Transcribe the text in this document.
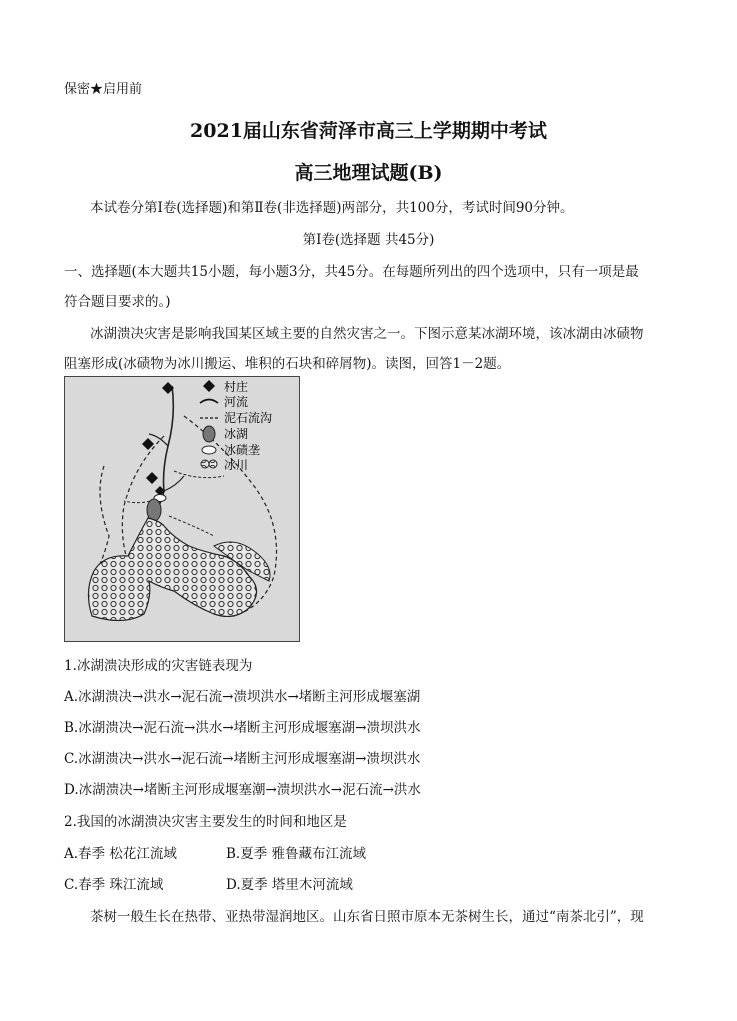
保密★启用前
2021届山东省菏泽市高三上学期期中考试
高三地理试题(B)
本试卷分第Ⅰ卷(选择题)和第Ⅱ卷(非选择题)两部分，共100分，考试时间90分钟。
第Ⅰ卷(选择题 共45分)
一、选择题(本大题共15小题，每小题3分，共45分。在每题所列出的四个选项中，只有一项是最
符合题目要求的。)
冰湖溃决灾害是影响我国某区域主要的自然灾害之一。下图示意某冰湖环境，该冰湖由冰碛物
阻塞形成(冰碛物为冰川搬运、堆积的石块和碎屑物)。读图，回答1－2题。
村庄
河流
泥石流沟
冰湖
冰碛垄
冰川
1.冰湖溃决形成的灾害链表现为
A.冰湖溃决→洪水→泥石流→溃坝洪水→堵断主河形成堰塞湖
B.冰湖溃决→泥石流→洪水→堵断主河形成堰塞湖→溃坝洪水
C.冰湖溃决→洪水→泥石流→堵断主河形成堰塞湖→溃坝洪水
D.冰湖溃决→堵断主河形成堰塞潮→溃坝洪水→泥石流→洪水
2.我国的冰湖溃决灾害主要发生的时间和地区是
A.春季 松花江流域	B.夏季 雅鲁藏布江流域
C.春季 珠江流域	D.夏季 塔里木河流域
茶树一般生长在热带、亚热带湿润地区。山东省日照市原本无茶树生长，通过“南茶北引”，现
